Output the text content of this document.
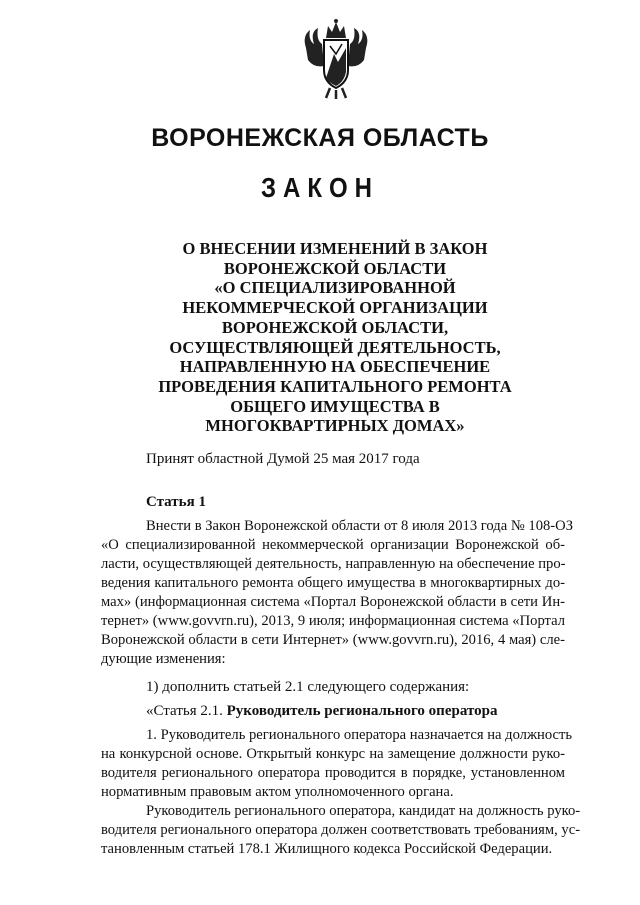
ВОРОНЕЖСКАЯ ОБЛАСТЬ
ЗАКОН
О ВНЕСЕНИИ ИЗМЕНЕНИЙ В ЗАКОН
ВОРОНЕЖСКОЙ ОБЛАСТИ
«О СПЕЦИАЛИЗИРОВАННОЙ
НЕКОММЕРЧЕСКОЙ ОРГАНИЗАЦИИ
ВОРОНЕЖСКОЙ ОБЛАСТИ,
ОСУЩЕСТВЛЯЮЩЕЙ ДЕЯТЕЛЬНОСТЬ,
НАПРАВЛЕННУЮ НА ОБЕСПЕЧЕНИЕ
ПРОВЕДЕНИЯ КАПИТАЛЬНОГО РЕМОНТА
ОБЩЕГО ИМУЩЕСТВА В
МНОГОКВАРТИРНЫХ ДОМАХ»
Принят областной Думой 25 мая 2017 года
Статья 1
Внести в Закон Воронежской области от 8 июля 2013 года № 108-ОЗ
«О специализированной некоммерческой организации Воронежской об-
ласти, осуществляющей деятельность, направленную на обеспечение про-
ведения капитального ремонта общего имущества в многоквартирных до-
мах» (информационная система «Портал Воронежской области в сети Ин-
тернет» (www.govvrn.ru), 2013, 9 июля; информационная система «Портал
Воронежской области в сети Интернет» (www.govvrn.ru), 2016, 4 мая) сле-
дующие изменения:
1) дополнить статьей 2.1 следующего содержания:
«Статья 2.1. Руководитель регионального оператора
1. Руководитель регионального оператора назначается на должность
на конкурсной основе. Открытый конкурс на замещение должности руко-
водителя регионального оператора проводится в порядке, установленном
нормативным правовым актом уполномоченного органа.
Руководитель регионального оператора, кандидат на должность руко-
водителя регионального оператора должен соответствовать требованиям, ус-
тановленным статьей 178.1 Жилищного кодекса Российской Федерации.
